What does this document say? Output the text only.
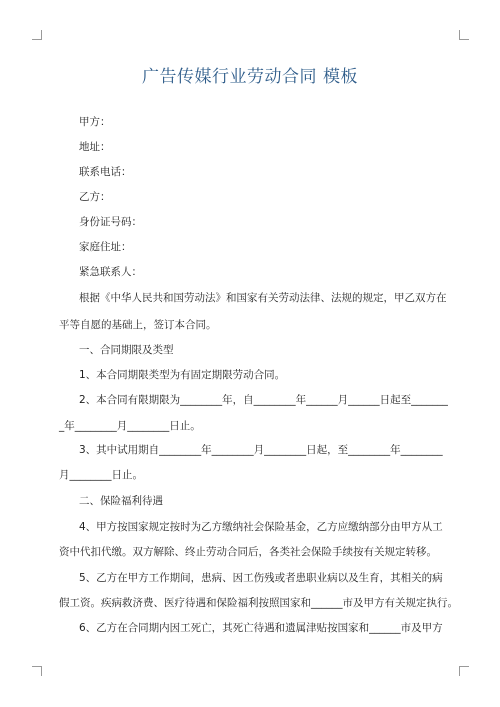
广告传媒行业劳动合同 模板
甲方：
地址：
联系电话：
乙方：
身份证号码：
家庭住址：
紧急联系人：
根据《中华人民共和国劳动法》和国家有关劳动法律、法规的规定，甲乙双方在
平等自愿的基础上，签订本合同。
一、合同期限及类型
1、本合同期限类型为有固定期限劳动合同。
2、本合同有限期限为________年，自________年______月______日起至_______
_年________月________日止。
3、其中试用期自________年________月________日起，至________年________
月________日止。
二、保险福利待遇
4、甲方按国家规定按时为乙方缴纳社会保险基金，乙方应缴纳部分由甲方从工
资中代扣代缴。双方解除、终止劳动合同后，各类社会保险手续按有关规定转移。
5、乙方在甲方工作期间，患病、因工伤残或者患职业病以及生育，其相关的病
假工资。疾病救济费、医疗待遇和保险福利按照国家和______市及甲方有关规定执行。
6、乙方在合同期内因工死亡，其死亡待遇和遗属津贴按国家和______市及甲方
